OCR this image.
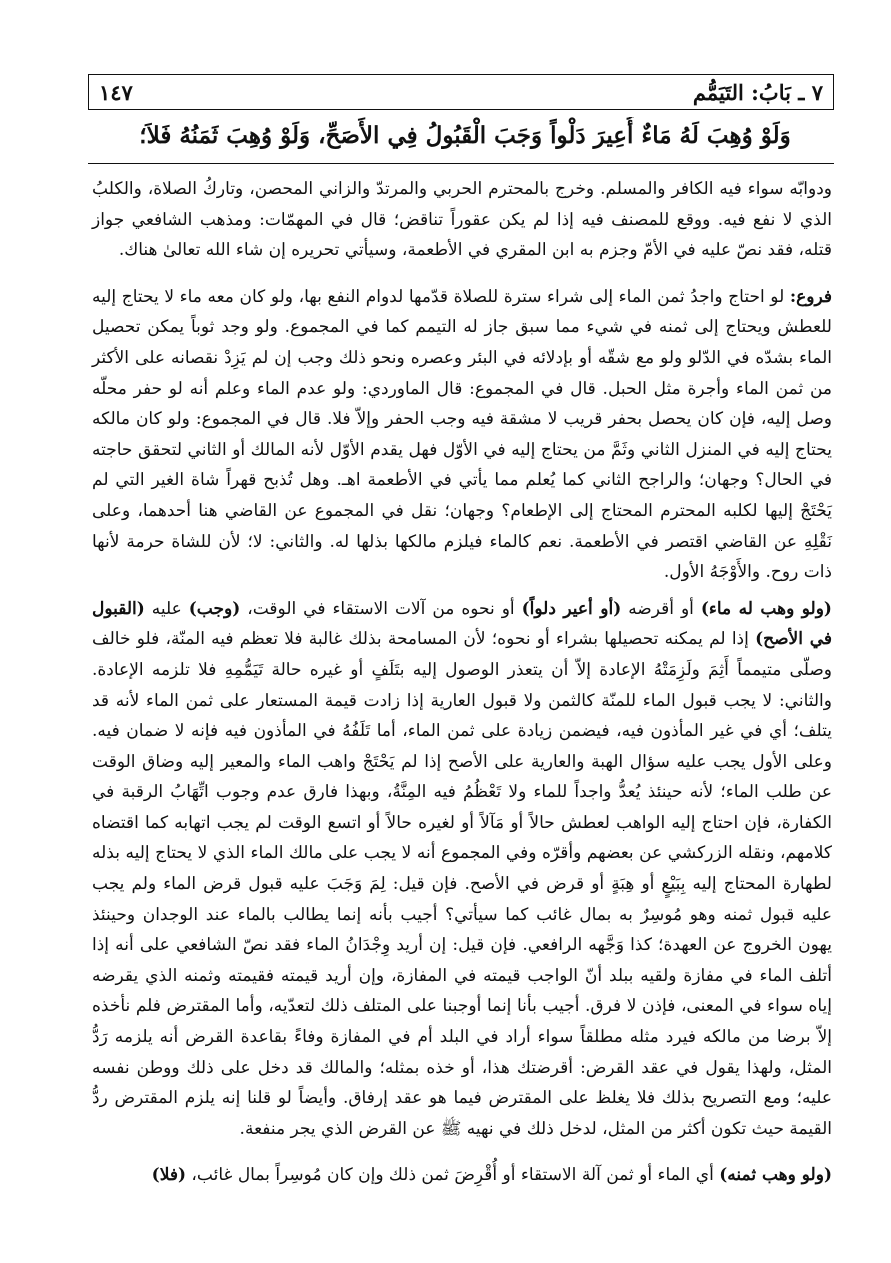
١٤٧	٧ ـ بَابُ: التَيَمُّم
وَلَوْ وُهِبَ لَهُ مَاءٌ أُعِيرَ دَلْواً وَجَبَ الْقَبُولُ فِي الأَصَحِّ، وَلَوْ وُهِبَ ثَمَنُهُ فَلاَ؛

ودوابّه سواء فيه الكافر والمسلم. وخرج بالمحترم الحربي والمرتدّ والزاني المحصن، وتاركُ الصلاة، والكلبُ الذي لا نفع فيه. ووقع للمصنف فيه إذا لم يكن عقوراً تناقض؛ قال في المهمّات: ومذهب الشافعي جواز قتله، فقد نصّ عليه في الأمّ وجزم به ابن المقري في الأطعمة، وسيأتي تحريره إن شاء الله تعالىٰ هناك.

فروع: لو احتاج واجدُ ثمن الماء إلى شراء سترة للصلاة قدّمها لدوام النفع بها، ولو كان معه ماء لا يحتاج إليه للعطش ويحتاج إلى ثمنه في شيء مما سبق جاز له التيمم كما في المجموع. ولو وجد ثوباً يمكن تحصيل الماء بشدّه في الدّلو ولو مع شقّه أو بإدلائه في البئر وعصره ونحو ذلك وجب إن لم يَزِدْ نقصانه على الأكثر من ثمن الماء وأجرة مثل الحبل. قال في المجموع: قال الماوردي: ولو عدم الماء وعلم أنه لو حفر محلّه وصل إليه، فإن كان يحصل بحفر قريب لا مشقة فيه وجب الحفر وإلاّ فلا. قال في المجموع: ولو كان مالكه يحتاج إليه في المنزل الثاني وثَمَّ من يحتاج إليه في الأوّل فهل يقدم الأوّل لأنه المالك أو الثاني لتحقق حاجته في الحال؟ وجهان؛ والراجح الثاني كما يُعلم مما يأتي في الأطعمة اهـ. وهل تُذبح قهراً شاة الغير التي لم يَحْتَجْ إليها لكلبه المحترم المحتاج إلى الإطعام؟ وجهان؛ نقل في المجموع عن القاضي هنا أحدهما، وعلى نَقْلِهِ عن القاضي اقتصر في الأطعمة. نعم كالماء فيلزم مالكها بذلها له. والثاني: لا؛ لأن للشاة حرمة لأنها ذات روح. والأَوْجَهُ الأول.

(ولو وهب له ماء) أو أقرضه (أو أعير دلواً) أو نحوه من آلات الاستقاء في الوقت، (وجب) عليه (القبول في الأصح) إذا لم يمكنه تحصيلها بشراء أو نحوه؛ لأن المسامحة بذلك غالبة فلا تعظم فيه المنّة، فلو خالف وصلّى متيمماً أَثِمَ ولَزِمَتْهُ الإعادة إلاّ أن يتعذر الوصول إليه بتَلَفٍ أو غيره حالة تَيَمُّمِهِ فلا تلزمه الإعادة. والثاني: لا يجب قبول الماء للمنّة كالثمن ولا قبول العارية إذا زادت قيمة المستعار على ثمن الماء لأنه قد يتلف؛ أي في غير المأذون فيه، فيضمن زيادة على ثمن الماء، أما تَلَفُهُ في المأذون فيه فإنه لا ضمان فيه. وعلى الأول يجب عليه سؤال الهبة والعارية على الأصح إذا لم يَحْتَجْ واهب الماء والمعير إليه وضاق الوقت عن طلب الماء؛ لأنه حينئذ يُعدُّ واجداً للماء ولا تَعْظُمُ فيه المِنَّةُ، وبهذا فارق عدم وجوب اتِّهَابُ الرقبة في الكفارة، فإن احتاج إليه الواهب لعطش حالاً أو مَآلاً أو لغيره حالاً أو اتسع الوقت لم يجب اتهابه كما اقتضاه كلامهم، ونقله الزركشي عن بعضهم وأقرّه وفي المجموع أنه لا يجب على مالك الماء الذي لا يحتاج إليه بذله لطهارة المحتاج إليه بِبَيْعٍ أو هِبَةٍ أو قرض في الأصح. فإن قيل: لِمَ وَجَبَ عليه قبول قرض الماء ولم يجب عليه قبول ثمنه وهو مُوسِرٌ به بمال غائب كما سيأتي؟ أجيب بأنه إنما يطالب بالماء عند الوجدان وحينئذ يهون الخروج عن العهدة؛ كذا وَجَّهه الرافعي. فإن قيل: إن أريد وِجْدَانُ الماء فقد نصّ الشافعي على أنه إذا أتلف الماء في مفازة ولقيه ببلد أنّ الواجب قيمته في المفازة، وإن أريد قيمته فقيمته وثمنه الذي يقرضه إياه سواء في المعنى، فإذن لا فرق. أجيب بأنا إنما أوجبنا على المتلف ذلك لتعدّيه، وأما المقترض فلم نأخذه إلاّ برضا من مالكه فيرد مثله مطلقاً سواء أراد في البلد أم في المفازة وفاءً بقاعدة القرض أنه يلزمه رَدُّ المثل، ولهذا يقول في عقد القرض: أقرضتك هذا، أو خذه بمثله؛ والمالك قد دخل على ذلك ووطن نفسه عليه؛ ومع التصريح بذلك فلا يغلظ على المقترض فيما هو عقد إرفاق. وأيضاً لو قلنا إنه يلزم المقترض ردُّ القيمة حيث تكون أكثر من المثل، لدخل ذلك في نهيه ﷺ عن القرض الذي يجر منفعة.

(ولو وهب ثمنه) أي الماء أو ثمن آلة الاستقاء أو أُقْرِضَ ثمن ذلك وإن كان مُوسِراً بمال غائب، (فلا)
